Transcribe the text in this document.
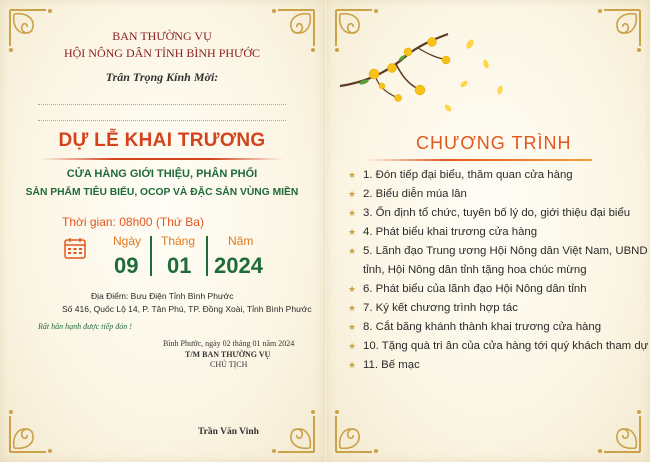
BAN THƯỜNG VỤ
HỘI NÔNG DÂN TỈNH BÌNH PHƯỚC
Trân Trọng Kính Mời:
DỰ LỄ KHAI TRƯƠNG
CỬA HÀNG GIỚI THIỆU, PHÂN PHỐI
SẢN PHẨM TIÊU BIỂU, OCOP VÀ ĐẶC SẢN VÙNG MIỀN
Thời gian: 08h00 (Thứ Ba)
Ngày
09
Tháng
01
Năm
2024
Địa Điểm: Bưu Điện Tỉnh Bình Phước
Số 416, Quốc Lộ 14, P. Tân Phú, TP. Đồng Xoài, Tỉnh Bình Phước
Rất hân hạnh được tiếp đón !
Bình Phước, ngày 02 tháng 01 năm 2024
T/M BAN THƯỜNG VỤ
CHỦ TỊCH
Trần Văn Vinh
CHƯƠNG TRÌNH
★ 1. Đón tiếp đại biểu, thăm quan cửa hàng
★ 2. Biểu diễn múa lân
★ 3. Ổn định tổ chức, tuyên bố lý do, giới thiệu đại biểu
★ 4. Phát biểu khai trương cửa hàng
★ 5. Lãnh đạo Trung ương Hội Nông dân Việt Nam, UBND
tỉnh, Hội Nông dân tỉnh tặng hoa chúc mừng
★ 6. Phát biểu của lãnh đạo Hội Nông dân tỉnh
★ 7. Ký kết chương trình hợp tác
★ 8. Cắt băng khánh thành khai trương cửa hàng
★ 10. Tặng quà tri ân của cửa hàng tới quý khách tham dự
★ 11. Bế mạc
